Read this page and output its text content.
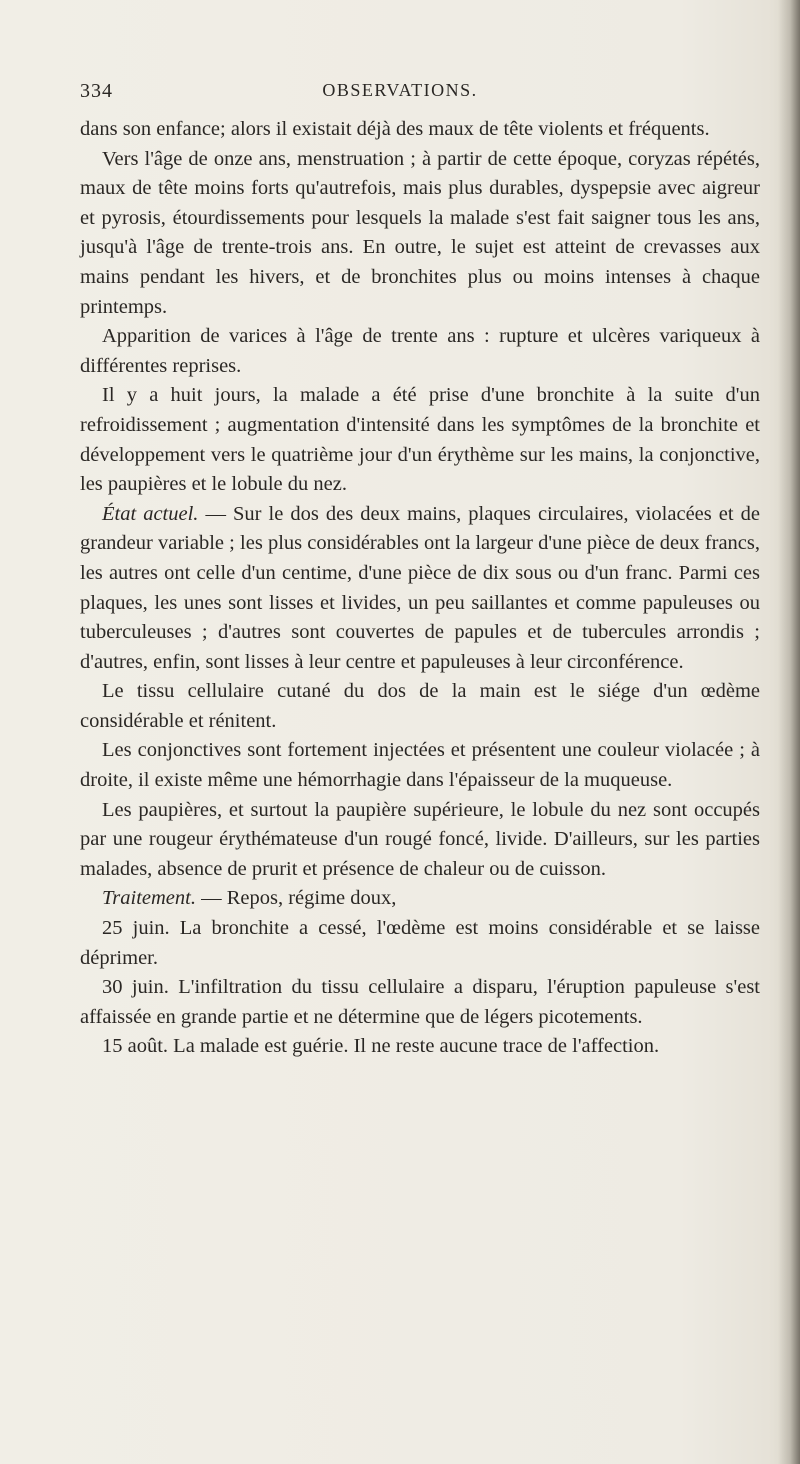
334	OBSERVATIONS.

dans son enfance; alors il existait déjà des maux de tête violents et fréquents.

Vers l'âge de onze ans, menstruation ; à partir de cette époque, coryzas répétés, maux de tête moins forts qu'autrefois, mais plus durables, dyspepsie avec aigreur et pyrosis, étourdissements pour lesquels la malade s'est fait saigner tous les ans, jusqu'à l'âge de trente-trois ans. En outre, le sujet est atteint de crevasses aux mains pendant les hivers, et de bronchites plus ou moins intenses à chaque printemps.

Apparition de varices à l'âge de trente ans : rupture et ulcères variqueux à différentes reprises.

Il y a huit jours, la malade a été prise d'une bronchite à la suite d'un refroidissement ; augmentation d'intensité dans les symptômes de la bronchite et développement vers le quatrième jour d'un érythème sur les mains, la conjonctive, les paupières et le lobule du nez.

État actuel. — Sur le dos des deux mains, plaques circulaires, violacées et de grandeur variable ; les plus considérables ont la largeur d'une pièce de deux francs, les autres ont celle d'un centime, d'une pièce de dix sous ou d'un franc. Parmi ces plaques, les unes sont lisses et livides, un peu saillantes et comme papuleuses ou tuberculeuses ; d'autres sont couvertes de papules et de tubercules arrondis ; d'autres, enfin, sont lisses à leur centre et papuleuses à leur circonférence.

Le tissu cellulaire cutané du dos de la main est le siége d'un œdème considérable et rénitent.

Les conjonctives sont fortement injectées et présentent une couleur violacée ; à droite, il existe même une hémorrhagie dans l'épaisseur de la muqueuse.

Les paupières, et surtout la paupière supérieure, le lobule du nez sont occupés par une rougeur érythémateuse d'un rougé foncé, livide. D'ailleurs, sur les parties malades, absence de prurit et présence de chaleur ou de cuisson.

Traitement. — Repos, régime doux,

25 juin. La bronchite a cessé, l'œdème est moins considérable et se laisse déprimer.

30 juin. L'infiltration du tissu cellulaire a disparu, l'éruption papuleuse s'est affaissée en grande partie et ne détermine que de légers picotements.

15 août. La malade est guérie. Il ne reste aucune trace de l'affection.
